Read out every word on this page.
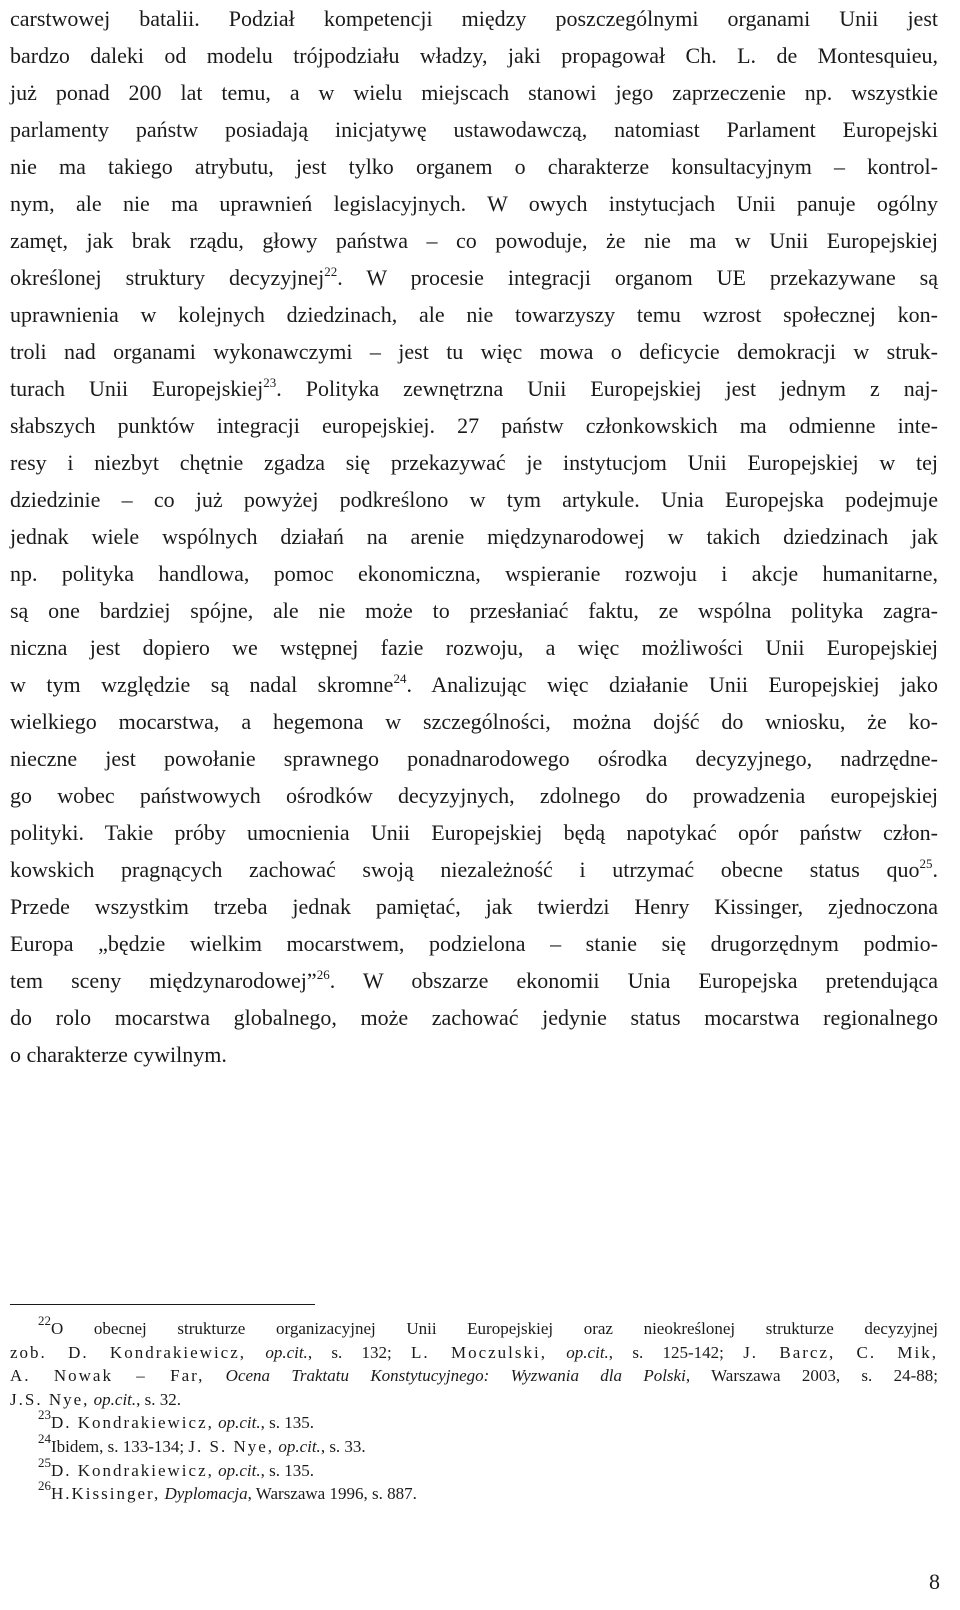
carstwowej batalii. Podział kompetencji między poszczególnymi organami Unii jest
bardzo daleki od modelu trójpodziału władzy, jaki propagował Ch. L. de Montesquieu,
już ponad 200 lat temu, a w wielu miejscach stanowi jego zaprzeczenie np. wszystkie
parlamenty państw posiadają inicjatywę ustawodawczą, natomiast Parlament Europejski
nie ma takiego atrybutu, jest tylko organem o charakterze konsultacyjnym – kontrol-
nym, ale nie ma uprawnień legislacyjnych. W owych instytucjach Unii panuje ogólny
zamęt, jak brak rządu, głowy państwa – co powoduje, że nie ma w Unii Europejskiej
określonej struktury decyzyjnej$^{22}$. W procesie integracji organom UE przekazywane są
uprawnienia w kolejnych dziedzinach, ale nie towarzyszy temu wzrost społecznej kon-
troli nad organami wykonawczymi – jest tu więc mowa o deficycie demokracji w struk-
turach Unii Europejskiej$^{23}$. Polityka zewnętrzna Unii Europejskiej jest jednym z naj-
słabszych punktów integracji europejskiej. 27 państw członkowskich ma odmienne inte-
resy i niezbyt chętnie zgadza się przekazywać je instytucjom Unii Europejskiej w tej
dziedzinie – co już powyżej podkreślono w tym artykule. Unia Europejska podejmuje
jednak wiele wspólnych działań na arenie międzynarodowej w takich dziedzinach jak
np. polityka handlowa, pomoc ekonomiczna, wspieranie rozwoju i akcje humanitarne,
są one bardziej spójne, ale nie może to przesłaniać faktu, ze wspólna polityka zagra-
niczna jest dopiero we wstępnej fazie rozwoju, a więc możliwości Unii Europejskiej
w tym względzie są nadal skromne$^{24}$. Analizując więc działanie Unii Europejskiej jako
wielkiego mocarstwa, a hegemona w szczególności, można dojść do wniosku, że ko-
nieczne jest powołanie sprawnego ponadnarodowego ośrodka decyzyjnego, nadrzędne-
go wobec państwowych ośrodków decyzyjnych, zdolnego do prowadzenia europejskiej
polityki. Takie próby umocnienia Unii Europejskiej będą napotykać opór państw człon-
kowskich pragnących zachować swoją niezależność i utrzymać obecne status quo$^{25}$.
Przede wszystkim trzeba jednak pamiętać, jak twierdzi Henry Kissinger, zjednoczona
Europa „będzie wielkim mocarstwem, podzielona – stanie się drugorzędnym podmio-
tem sceny międzynarodowej”$^{26}$. W obszarze ekonomii Unia Europejska pretendująca
do rolo mocarstwa globalnego, może zachować jedynie status mocarstwa regionalnego
o charakterze cywilnym.
$^{22}$O obecnej strukturze organizacyjnej Unii Europejskiej oraz nieokreślonej strukturze decyzyjnej
zob. D. Kondrakiewicz, op.cit., s. 132; L. Moczulski, op.cit., s. 125-142; J. Barcz, C. Mik,
A. Nowak – Far, Ocena Traktatu Konstytucyjnego: Wyzwania dla Polski, Warszawa 2003, s. 24-88;
J.S. Nye, op.cit., s. 32.
$^{23}$D. Kondrakiewicz, op.cit., s. 135.
$^{24}$Ibidem, s. 133-134; J. S. Nye, op.cit., s. 33.
$^{25}$D. Kondrakiewicz, op.cit., s. 135.
$^{26}$H.Kissinger, Dyplomacja, Warszawa 1996, s. 887.
8
